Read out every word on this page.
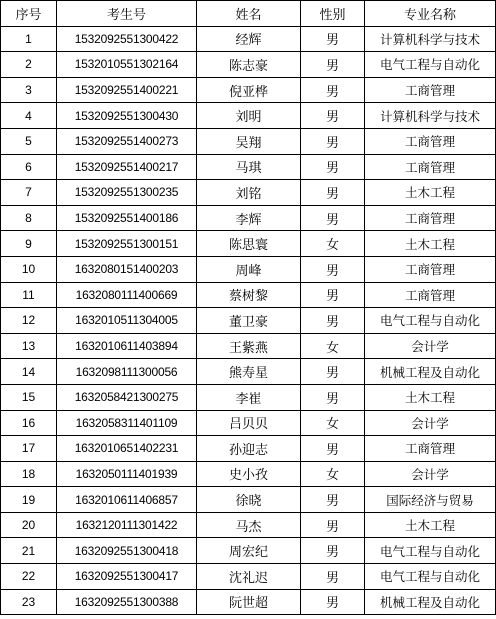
序号	考生号	姓名	性别	专业名称
1	1532092551300422	经辉	男	计算机科学与技术
2	1532010551302164	陈志豪	男	电气工程与自动化
3	1532092551400221	倪亚桦	男	工商管理
4	1532092551300430	刘明	男	计算机科学与技术
5	1532092551400273	吴翔	男	工商管理
6	1532092551400217	马琪	男	工商管理
7	1532092551300235	刘铭	男	土木工程
8	1532092551400186	李辉	男	工商管理
9	1532092551300151	陈思寰	女	土木工程
10	1632080151400203	周峰	男	工商管理
11	1632080111400669	蔡树黎	男	工商管理
12	1632010511304005	董卫豪	男	电气工程与自动化
13	1632010611403894	王紫燕	女	会计学
14	1632098111300056	熊寿星	男	机械工程及自动化
15	1632058421300275	李崔	男	土木工程
16	1632058311401109	吕贝贝	女	会计学
17	1632010651402231	孙迎志	男	工商管理
18	1632050111401939	史小孜	女	会计学
19	1632010611406857	徐晓	男	国际经济与贸易
20	1632120111301422	马杰	男	土木工程
21	1632092551300418	周宏纪	男	电气工程与自动化
22	1632092551300417	沈礼迟	男	电气工程与自动化
23	1632092551300388	阮世超	男	机械工程及自动化
